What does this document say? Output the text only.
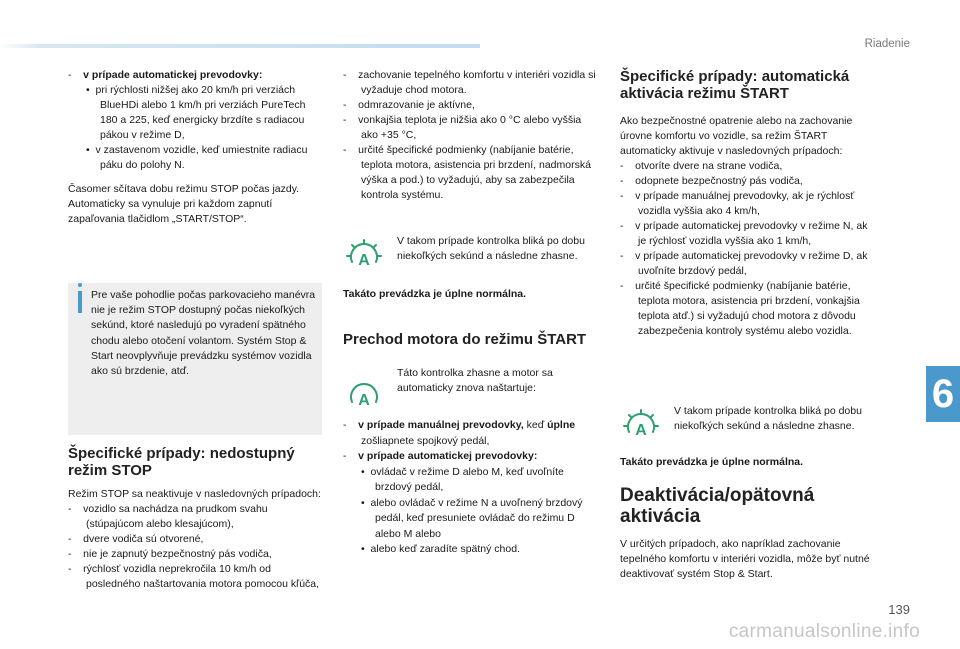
Riadenie
6
139
carmanualsonline.info

-    v prípade automatickej prevodovky:

•  pri rýchlosti nižšej ako 20 km/h pri verziách BlueHDi alebo 1 km/h pri verziách PureTech 180 a 225, keď energicky brzdíte s radiacou pákou v režime D,

•  v zastavenom vozidle, keď umiestnite radiacu páku do polohy N.

Časomer sčítava dobu režimu STOP počas jazdy. Automaticky sa vynuluje pri každom zapnutí zapaľovania tlačidlom „START/STOP“.

Pre vaše pohodlie počas parkovacieho manévra nie je režim STOP dostupný počas niekoľkých sekúnd, ktoré nasledujú po vyradení spätného chodu alebo otočení volantom. Systém Stop & Start neovplyvňuje prevádzku systémov vozidla ako sú brzdenie, atď.

Špecifické prípady: nedostupný režim STOP

Režim STOP sa neaktivuje v nasledovných prípadoch:

-    vozidlo sa nachádza na prudkom svahu (stúpajúcom alebo klesajúcom),

-    dvere vodiča sú otvorené,

-    nie je zapnutý bezpečnostný pás vodiča,

-    rýchlosť vozidla neprekročila 10 km/h od posledného naštartovania motora pomocou kľúča,

-    zachovanie tepelného komfortu v interiéri vozidla si vyžaduje chod motora.

-    odmrazovanie je aktívne,

-    vonkajšia teplota je nižšia ako 0 °C alebo vyššia ako +35 °C,

-    určité špecifické podmienky (nabíjanie batérie, teplota motora, asistencia pri brzdení, nadmorská výška a pod.) to vyžadujú, aby sa zabezpečila kontrola systému.

A
V takom prípade kontrolka bliká po dobu niekoľkých sekúnd a následne zhasne.
Takáto prevádzka je úplne normálna.

Prechod motora do režimu ŠTART

A
Táto kontrolka zhasne a motor sa automaticky znova naštartuje:

-    v prípade manuálnej prevodovky, keď úplne zošliapnete spojkový pedál,

-    v prípade automatickej prevodovky:

•  ovládač v režime D alebo M, keď uvoľníte brzdový pedál,

•  alebo ovládač v režime N a uvoľnený brzdový pedál, keď presuniete ovládač do režimu D alebo M alebo

•  alebo keď zaradíte spätný chod.

Špecifické prípady: automatická aktivácia režimu ŠTART

Ako bezpečnostné opatrenie alebo na zachovanie úrovne komfortu vo vozidle, sa režim ŠTART automaticky aktivuje v nasledovných prípadoch:

-    otvoríte dvere na strane vodiča,

-    odopnete bezpečnostný pás vodiča,

-    v prípade manuálnej prevodovky, ak je rýchlosť vozidla vyššia ako 4 km/h,

-    v prípade automatickej prevodovky v režime N, ak je rýchlosť vozidla vyššia ako 1 km/h,

-    v prípade automatickej prevodovky v režime D, ak uvoľníte brzdový pedál,

-    určité špecifické podmienky (nabíjanie batérie, teplota motora, asistencia pri brzdení, vonkajšia teplota atď.) si vyžadujú chod motora z dôvodu zabezpečenia kontroly systému alebo vozidla.

A
V takom prípade kontrolka bliká po dobu niekoľkých sekúnd a následne zhasne.
Takáto prevádzka je úplne normálna.

Deaktivácia/opätovná aktivácia

V určitých prípadoch, ako napríklad zachovanie tepelného komfortu v interiéri vozidla, môže byť nutné deaktivovať systém Stop & Start.
